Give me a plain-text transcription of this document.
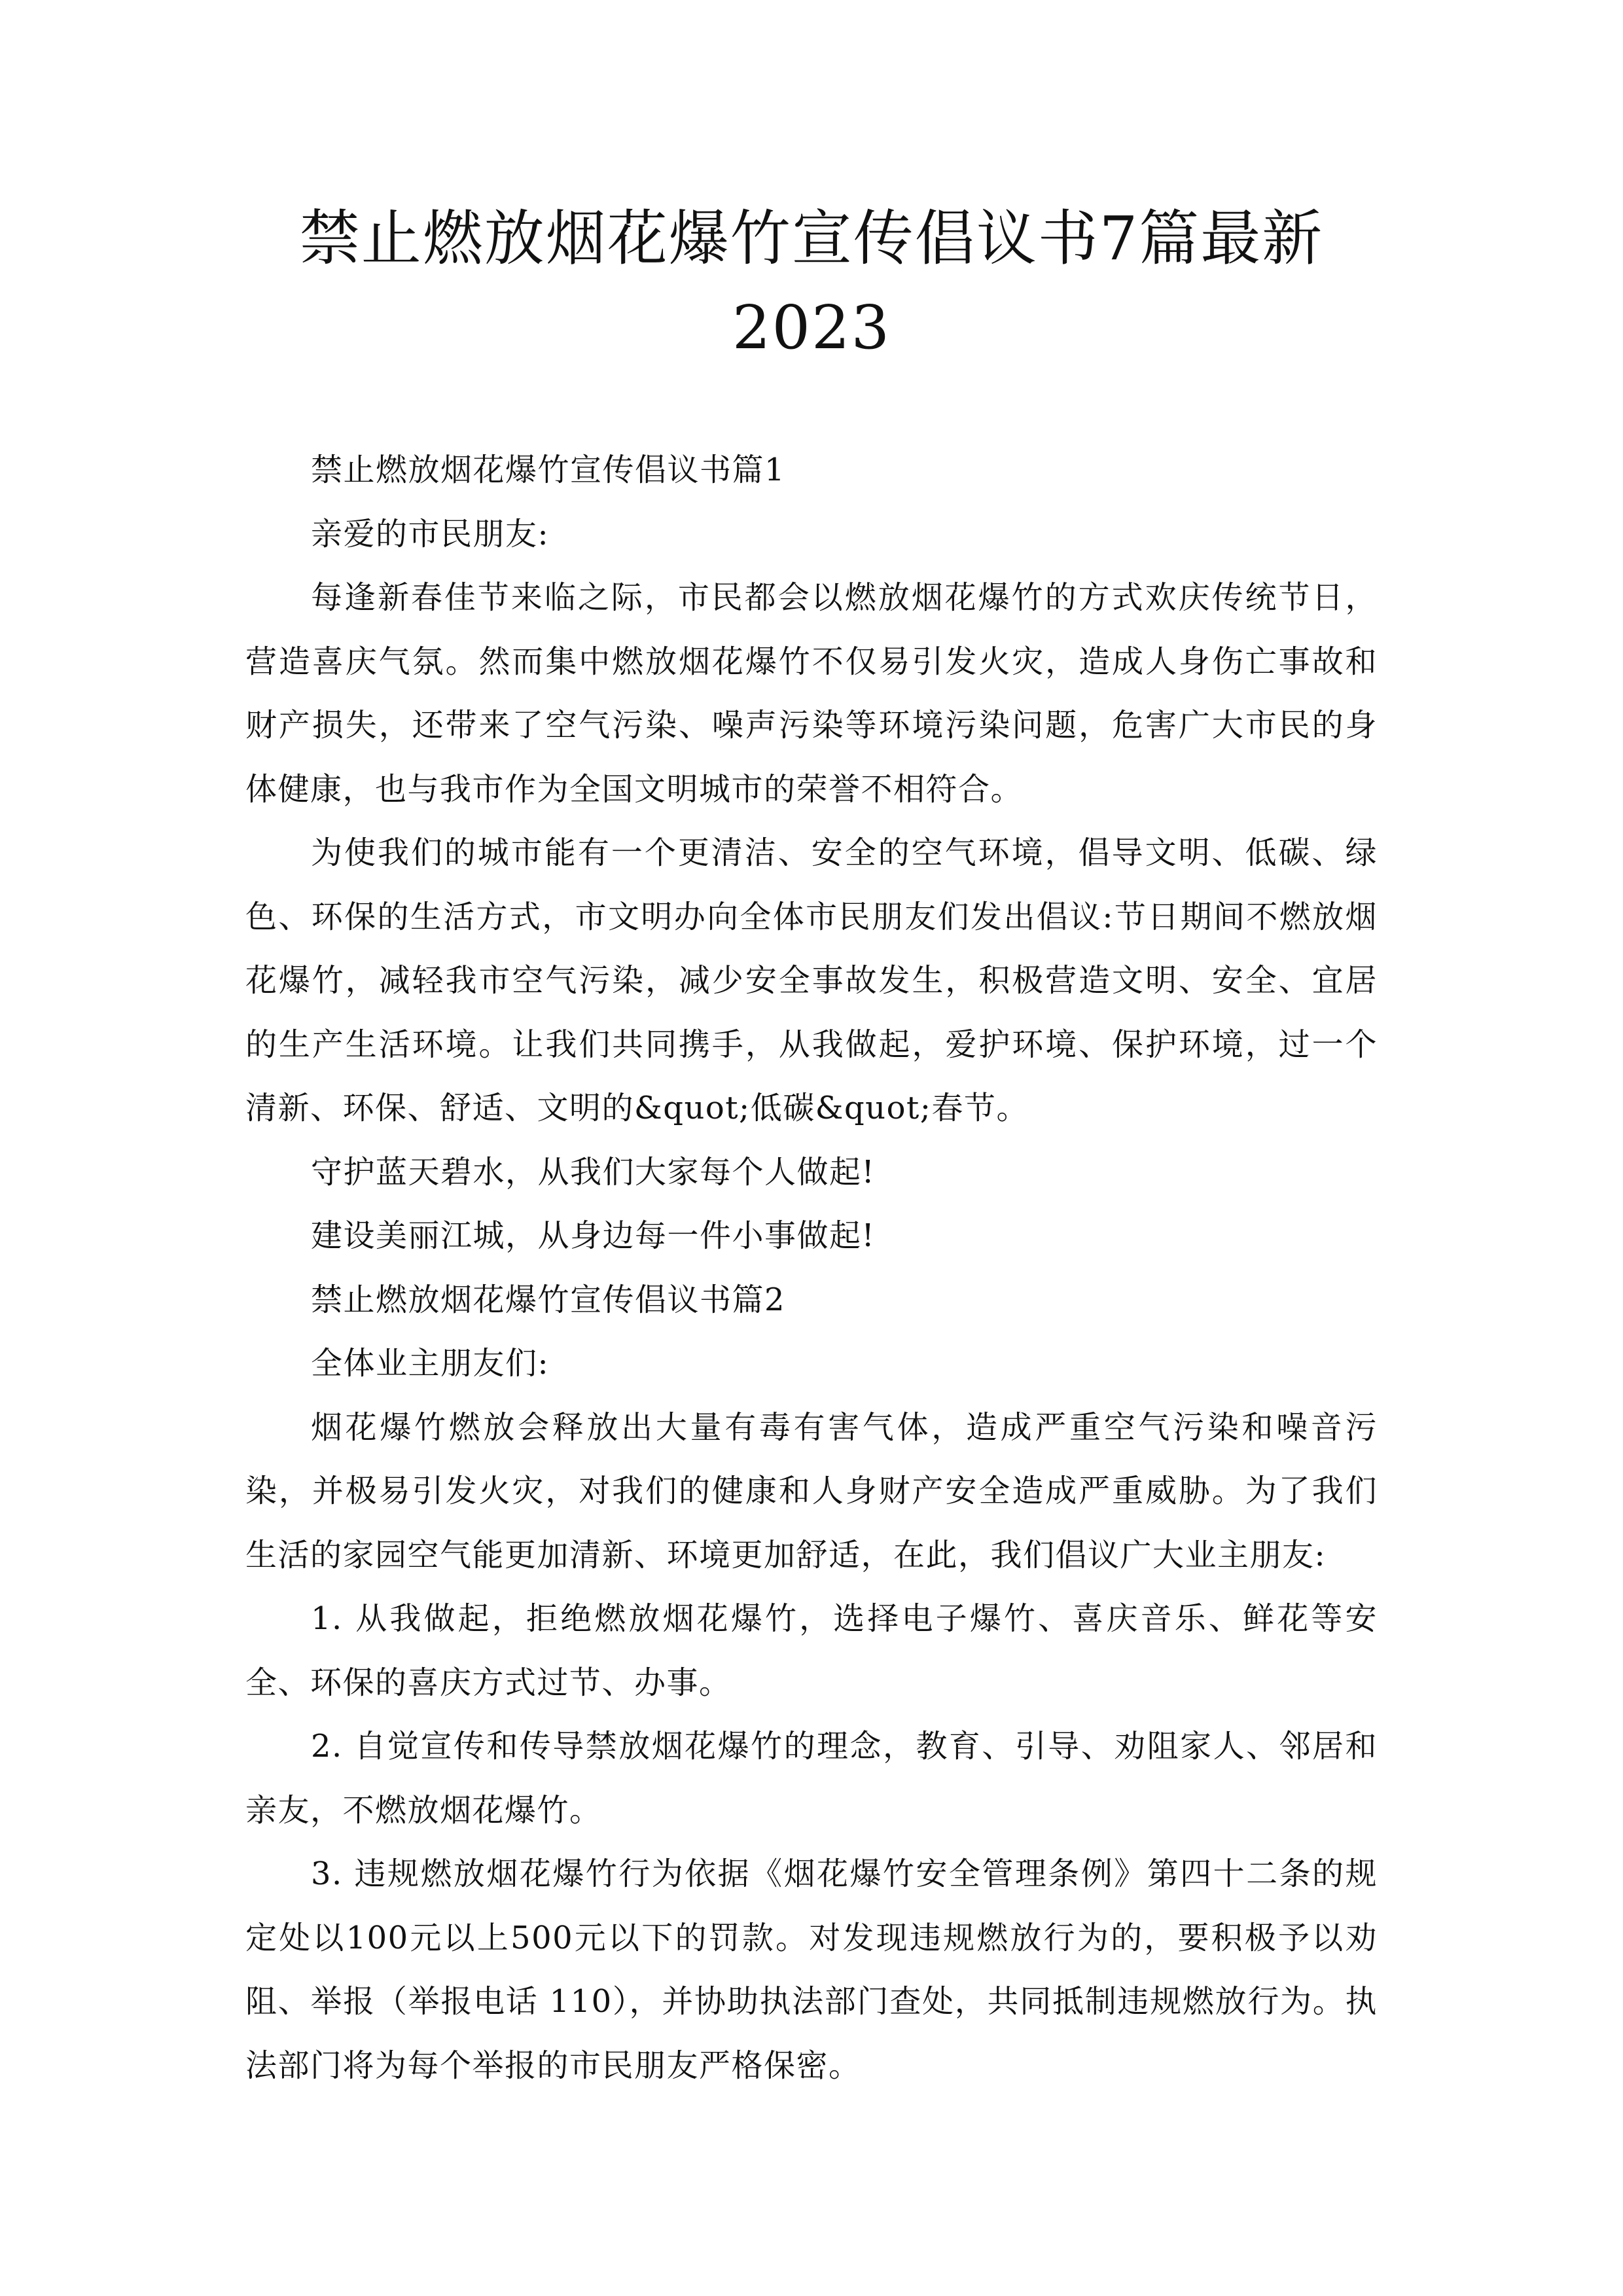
禁止燃放烟花爆竹宣传倡议书7篇最新
2023

禁止燃放烟花爆竹宣传倡议书篇1

亲爱的市民朋友:

每逢新春佳节来临之际，市民都会以燃放烟花爆竹的方式欢庆传统节日，营造喜庆气氛。然而集中燃放烟花爆竹不仅易引发火灾，造成人身伤亡事故和财产损失，还带来了空气污染、噪声污染等环境污染问题，危害广大市民的身体健康，也与我市作为全国文明城市的荣誉不相符合。

为使我们的城市能有一个更清洁、安全的空气环境，倡导文明、低碳、绿色、环保的生活方式，市文明办向全体市民朋友们发出倡议:节日期间不燃放烟花爆竹，减轻我市空气污染，减少安全事故发生，积极营造文明、安全、宜居的生产生活环境。让我们共同携手，从我做起，爱护环境、保护环境，过一个清新、环保、舒适、文明的&quot;低碳&quot;春节。

守护蓝天碧水，从我们大家每个人做起!

建设美丽江城，从身边每一件小事做起!

禁止燃放烟花爆竹宣传倡议书篇2

全体业主朋友们:

烟花爆竹燃放会释放出大量有毒有害气体，造成严重空气污染和噪音污染，并极易引发火灾，对我们的健康和人身财产安全造成严重威胁。为了我们生活的家园空气能更加清新、环境更加舒适，在此，我们倡议广大业主朋友:

1. 从我做起，拒绝燃放烟花爆竹，选择电子爆竹、喜庆音乐、鲜花等安全、环保的喜庆方式过节、办事。

2. 自觉宣传和传导禁放烟花爆竹的理念，教育、引导、劝阻家人、邻居和亲友，不燃放烟花爆竹。

3. 违规燃放烟花爆竹行为依据《烟花爆竹安全管理条例》第四十二条的规定处以100元以上500元以下的罚款。对发现违规燃放行为的，要积极予以劝阻、举报（举报电话 110），并协助执法部门查处，共同抵制违规燃放行为。执法部门将为每个举报的市民朋友严格保密。
